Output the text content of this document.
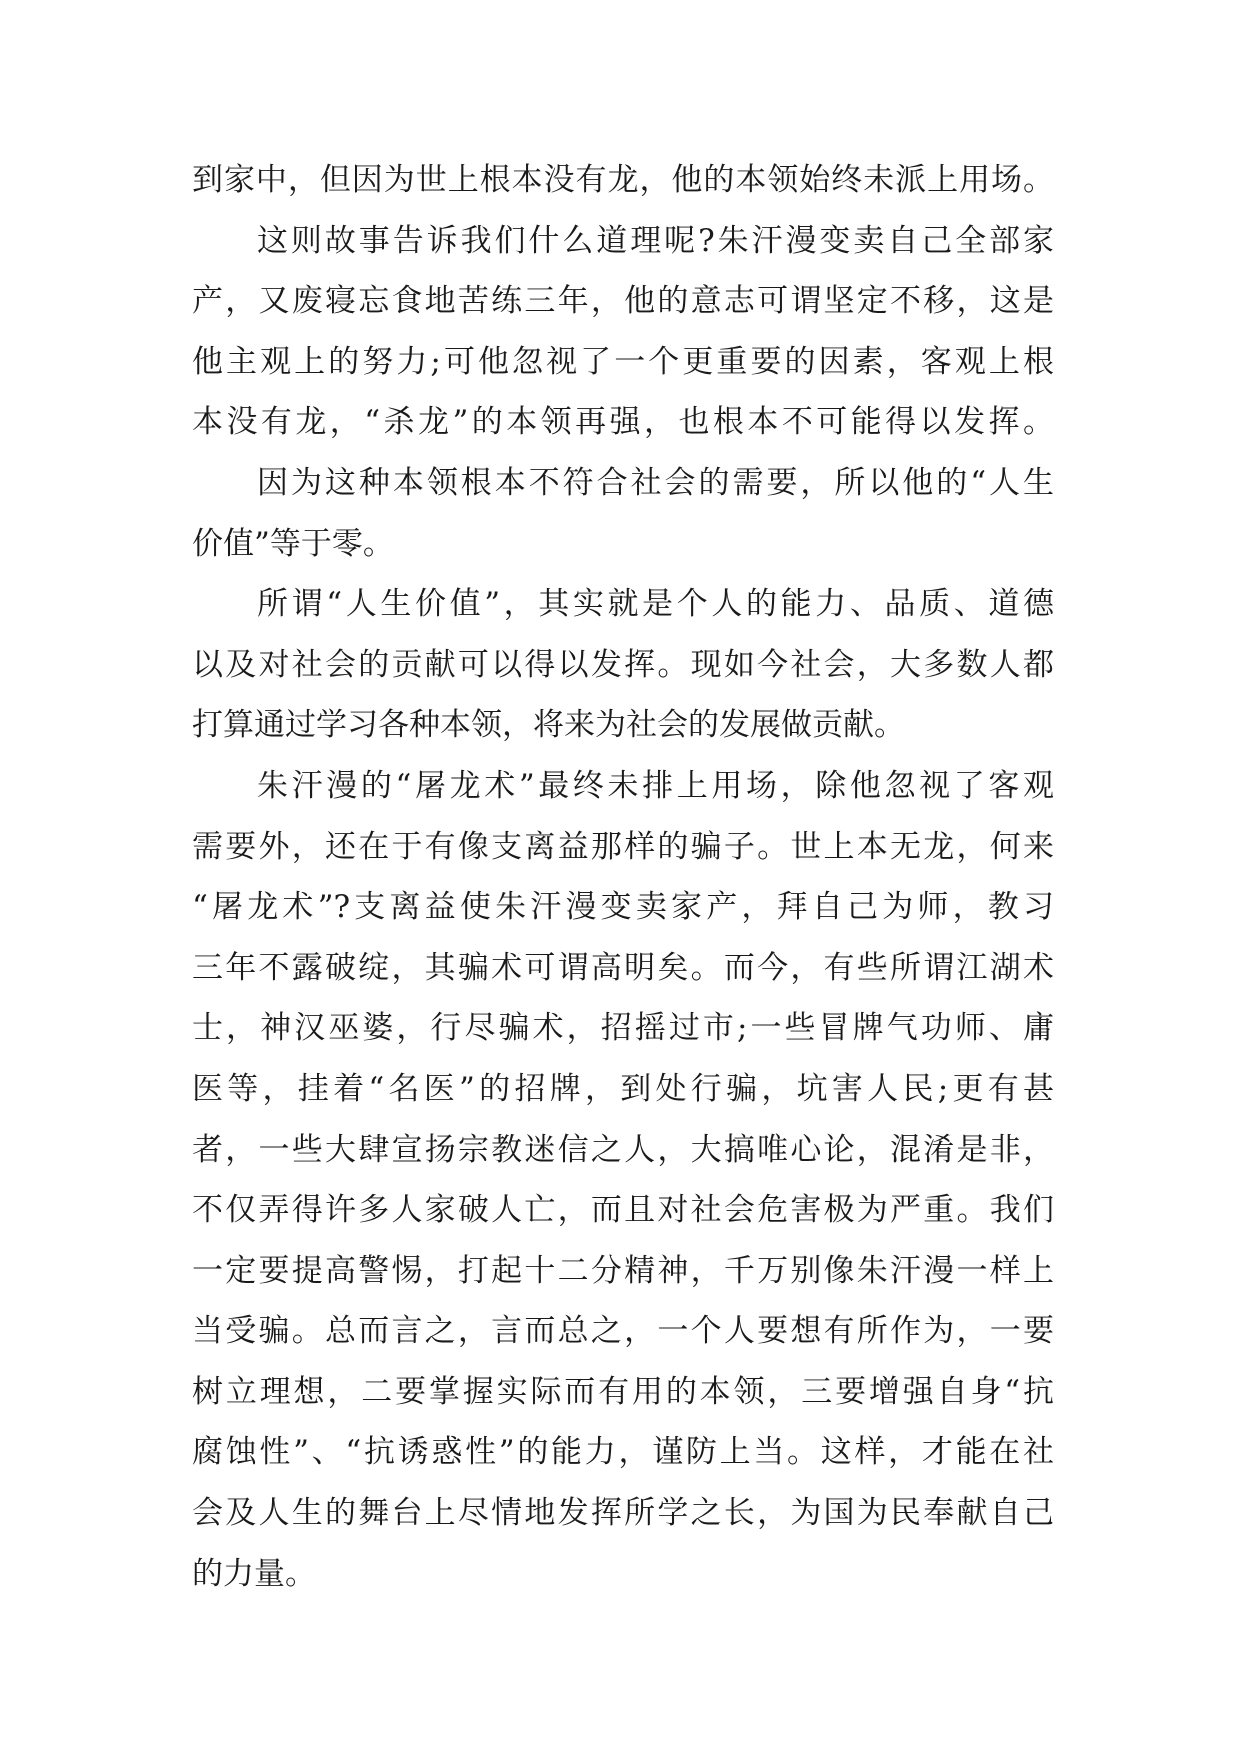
到家中，但因为世上根本没有龙，他的本领始终未派上用场。
这则故事告诉我们什么道理呢?朱汗漫变卖自己全部家
产，又废寝忘食地苦练三年，他的意志可谓坚定不移，这是
他主观上的努力;可他忽视了一个更重要的因素，客观上根
本没有龙，“杀龙”的本领再强，也根本不可能得以发挥。
因为这种本领根本不符合社会的需要，所以他的“人生
价值”等于零。
所谓“人生价值”，其实就是个人的能力、品质、道德
以及对社会的贡献可以得以发挥。现如今社会，大多数人都
打算通过学习各种本领，将来为社会的发展做贡献。
朱汗漫的“屠龙术”最终未排上用场，除他忽视了客观
需要外，还在于有像支离益那样的骗子。世上本无龙，何来
“屠龙术”?支离益使朱汗漫变卖家产，拜自己为师，教习
三年不露破绽，其骗术可谓高明矣。而今，有些所谓江湖术
士，神汉巫婆，行尽骗术，招摇过市;一些冒牌气功师、庸
医等，挂着“名医”的招牌，到处行骗，坑害人民;更有甚
者，一些大肆宣扬宗教迷信之人，大搞唯心论，混淆是非，
不仅弄得许多人家破人亡，而且对社会危害极为严重。我们
一定要提高警惕，打起十二分精神，千万别像朱汗漫一样上
当受骗。总而言之，言而总之，一个人要想有所作为，一要
树立理想，二要掌握实际而有用的本领，三要增强自身“抗
腐蚀性”、“抗诱惑性”的能力，谨防上当。这样，才能在社
会及人生的舞台上尽情地发挥所学之长，为国为民奉献自己
的力量。
